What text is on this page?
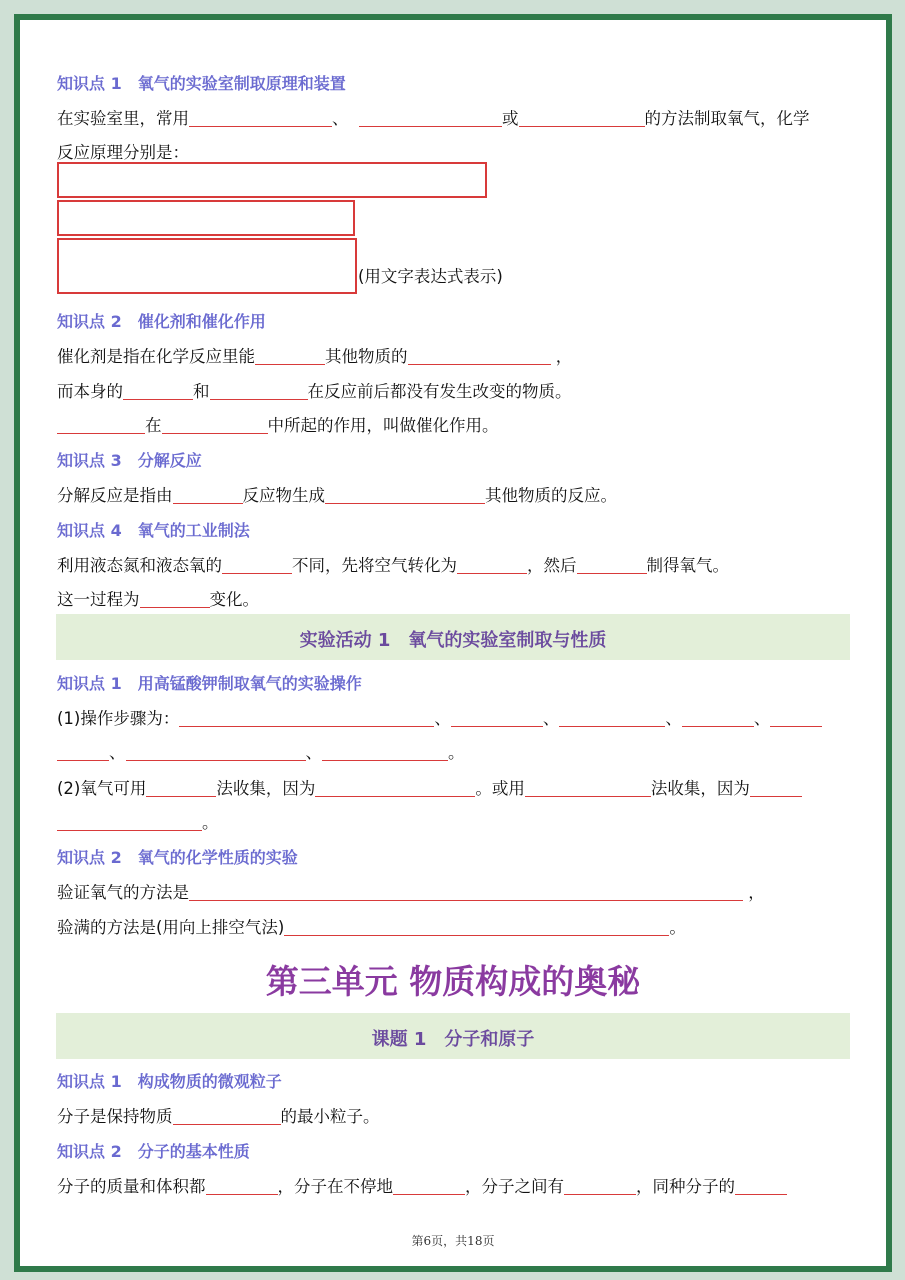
知识点 1　氧气的实验室制取原理和装置
在实验室里，常用	、	或	的方法制取氧气，化学
反应原理分别是：
(用文字表达式表示)
知识点 2　催化剂和催化作用
催化剂是指在化学反应里能	其他物质的	，
而本身的	和	在反应前后都没有发生改变的物质。
在	中所起的作用，叫做催化作用。
知识点 3　分解反应
分解反应是指由	反应物生成	其他物质的反应。
知识点 4　氧气的工业制法
利用液态氮和液态氧的	不同，先将空气转化为	，然后	制得氧气。
这一过程为	变化。
实验活动 1　氧气的实验室制取与性质
知识点 1　用高锰酸钾制取氧气的实验操作
(1)操作步骤为：	、	、	、	、
、	、	。
(2)氧气可用	法收集，因为	。或用	法收集，因为
。
知识点 2　氧气的化学性质的实验
验证氧气的方法是	，
验满的方法是(用向上排空气法)	。
第三单元 物质构成的奥秘
课题 1　分子和原子
知识点 1　构成物质的微观粒子
分子是保持物质	的最小粒子。
知识点 2　分子的基本性质
分子的质量和体积都	，分子在不停地	，分子之间有	，同种分子的
第6页，共18页
